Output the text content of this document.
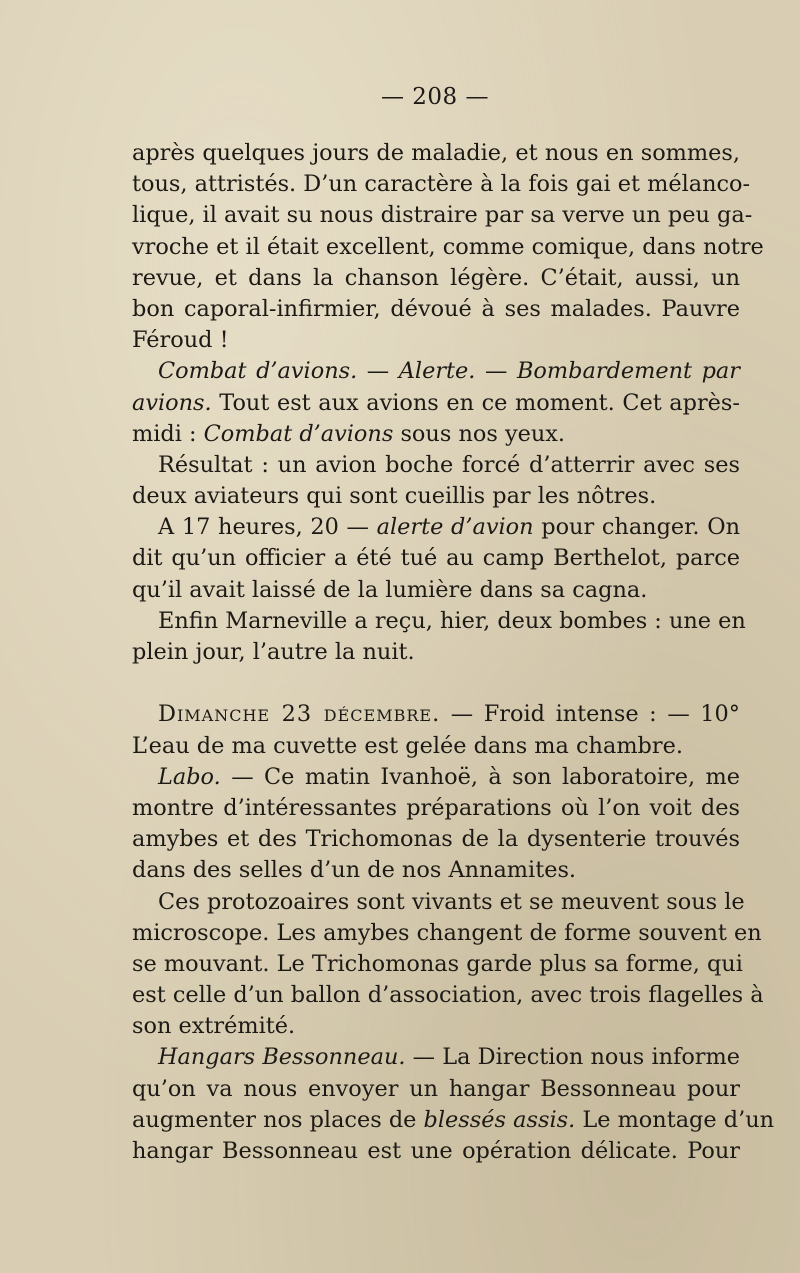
— 208 —
après quelques jours de maladie, et nous en sommes,
tous, attristés. D’un caractère à la fois gai et mélanco-
lique, il avait su nous distraire par sa verve un peu ga-
vroche et il était excellent, comme comique, dans notre
revue, et dans la chanson légère. C’était, aussi, un
bon caporal-infirmier, dévoué à ses malades. Pauvre
Féroud !
Combat d’avions. — Alerte. — Bombardement par
avions. Tout est aux avions en ce moment. Cet après-
midi : Combat d’avions sous nos yeux.
Résultat : un avion boche forcé d’atterrir avec ses
deux aviateurs qui sont cueillis par les nôtres.
A 17 heures, 20 — alerte d’avion pour changer. On
dit qu’un officier a été tué au camp Berthelot, parce
qu’il avait laissé de la lumière dans sa cagna.
Enfin Marneville a reçu, hier, deux bombes : une en
plein jour, l’autre la nuit.
Dimanche 23 décembre. — Froid intense : — 10°
L’eau de ma cuvette est gelée dans ma chambre.
Labo. — Ce matin Ivanhoë, à son laboratoire, me
montre d’intéressantes préparations où l’on voit des
amybes et des Trichomonas de la dysenterie trouvés
dans des selles d’un de nos Annamites.
Ces protozoaires sont vivants et se meuvent sous le
microscope. Les amybes changent de forme souvent en
se mouvant. Le Trichomonas garde plus sa forme, qui
est celle d’un ballon d’association, avec trois flagelles à
son extrémité.
Hangars Bessonneau. — La Direction nous informe
qu’on va nous envoyer un hangar Bessonneau pour
augmenter nos places de blessés assis. Le montage d’un
hangar Bessonneau est une opération délicate. Pour
